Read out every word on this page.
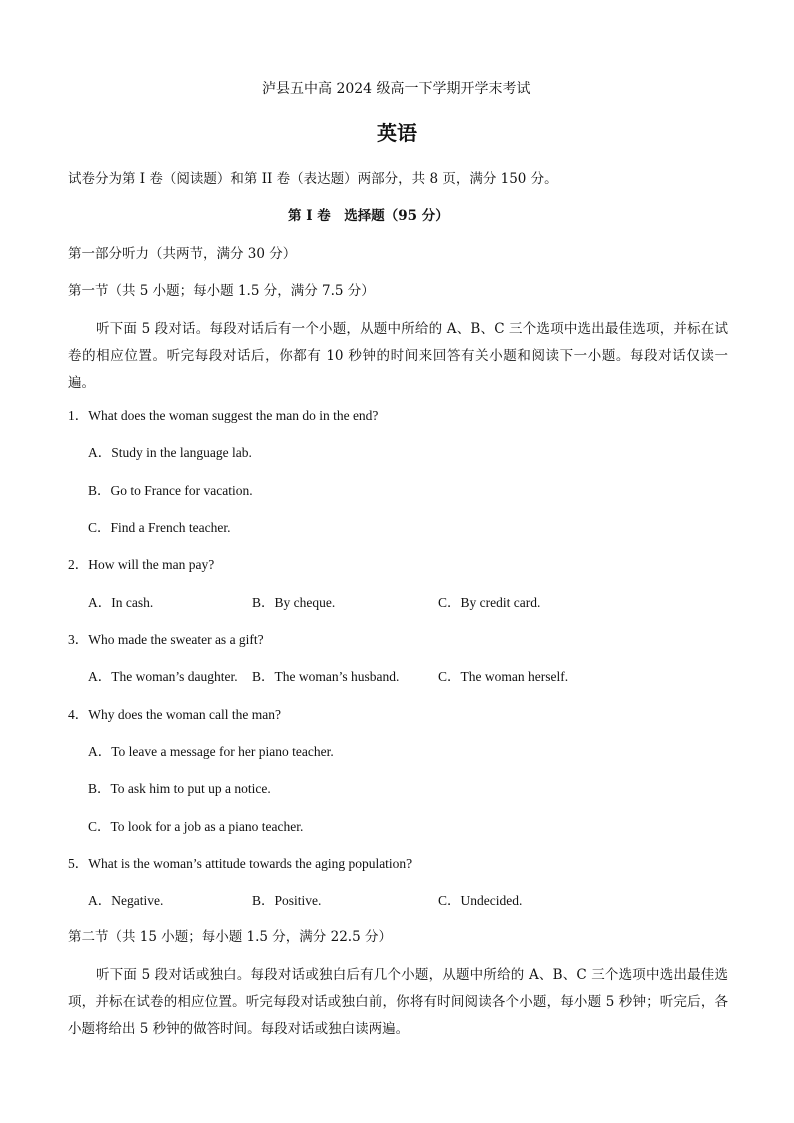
泸县五中高 2024 级高一下学期开学末考试
英语
试卷分为第 I 卷（阅读题）和第 II 卷（表达题）两部分，共 8 页，满分 150 分。
第 I 卷　选择题（95 分）
第一部分听力（共两节，满分 30 分）
第一节（共 5 小题；每小题 1.5 分，满分 7.5 分）
听下面 5 段对话。每段对话后有一个小题，从题中所给的 A、B、C 三个选项中选出最佳选项，并标在试卷的相应位置。听完每段对话后，你都有 10 秒钟的时间来回答有关小题和阅读下一小题。每段对话仅读一遍。
1．What does the woman suggest the man do in the end?
A．Study in the language lab.
B．Go to France for vacation.
C．Find a French teacher.
2．How will the man pay?
A．In cash.	B．By cheque.	C．By credit card.
3．Who made the sweater as a gift?
A．The woman’s daughter. B．The woman’s husband.	C．The woman herself.
4．Why does the woman call the man?
A．To leave a message for her piano teacher.
B．To ask him to put up a notice.
C．To look for a job as a piano teacher.
5．What is the woman’s attitude towards the aging population?
A．Negative.	B．Positive.	C．Undecided.
第二节（共 15 小题；每小题 1.5 分，满分 22.5 分）
听下面 5 段对话或独白。每段对话或独白后有几个小题，从题中所给的 A、B、C 三个选项中选出最佳选项，并标在试卷的相应位置。听完每段对话或独白前，你将有时间阅读各个小题，每小题 5 秒钟；听完后，各小题将给出 5 秒钟的做答时间。每段对话或独白读两遍。
